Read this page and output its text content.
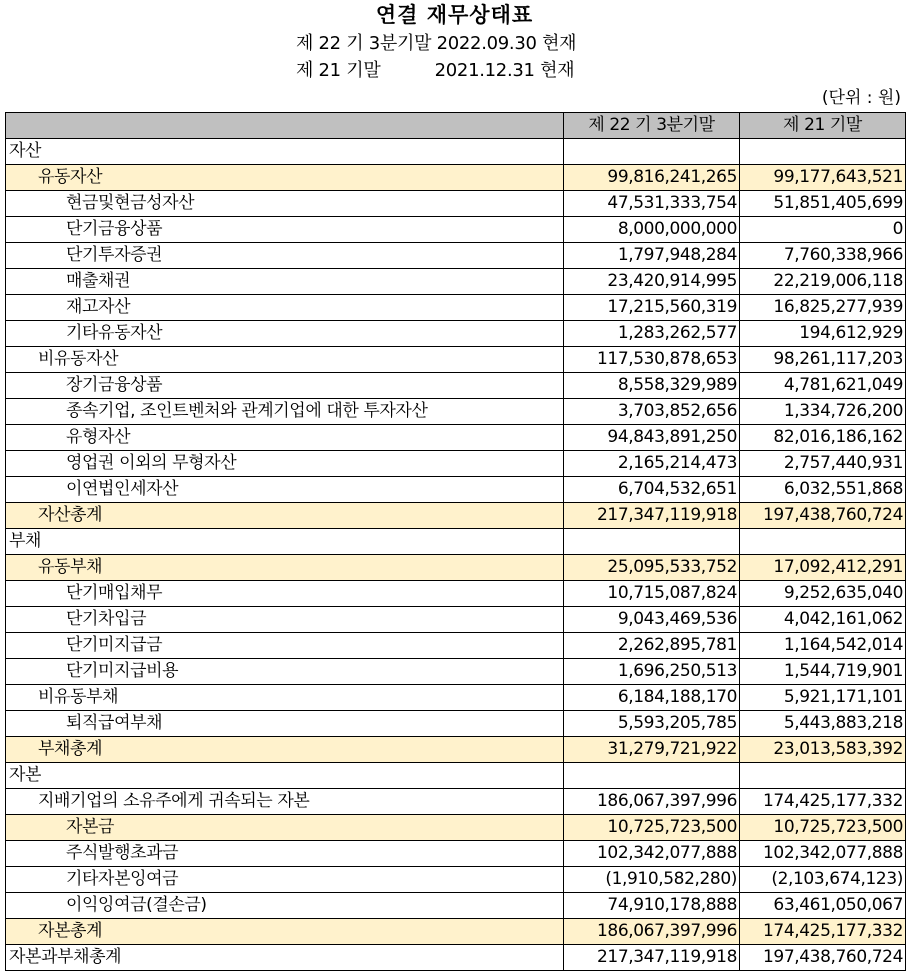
연결 재무상태표
제 22 기 3분기말 2022.09.30 현재
제 21 기말          2021.12.31 현재
(단위 : 원)
	제 22 기 3분기말	제 21 기말
자산		
유동자산	99,816,241,265	99,177,643,521
현금및현금성자산	47,531,333,754	51,851,405,699
단기금융상품	8,000,000,000	0
단기투자증권	1,797,948,284	7,760,338,966
매출채권	23,420,914,995	22,219,006,118
재고자산	17,215,560,319	16,825,277,939
기타유동자산	1,283,262,577	194,612,929
비유동자산	117,530,878,653	98,261,117,203
장기금융상품	8,558,329,989	4,781,621,049
종속기업, 조인트벤처와 관계기업에 대한 투자자산	3,703,852,656	1,334,726,200
유형자산	94,843,891,250	82,016,186,162
영업권 이외의 무형자산	2,165,214,473	2,757,440,931
이연법인세자산	6,704,532,651	6,032,551,868
자산총계	217,347,119,918	197,438,760,724
부채		
유동부채	25,095,533,752	17,092,412,291
단기매입채무	10,715,087,824	9,252,635,040
단기차입금	9,043,469,536	4,042,161,062
단기미지급금	2,262,895,781	1,164,542,014
단기미지급비용	1,696,250,513	1,544,719,901
비유동부채	6,184,188,170	5,921,171,101
퇴직급여부채	5,593,205,785	5,443,883,218
부채총계	31,279,721,922	23,013,583,392
자본		
지배기업의 소유주에게 귀속되는 자본	186,067,397,996	174,425,177,332
자본금	10,725,723,500	10,725,723,500
주식발행초과금	102,342,077,888	102,342,077,888
기타자본잉여금	(1,910,582,280)	(2,103,674,123)
이익잉여금(결손금)	74,910,178,888	63,461,050,067
자본총계	186,067,397,996	174,425,177,332
자본과부채총계	217,347,119,918	197,438,760,724
